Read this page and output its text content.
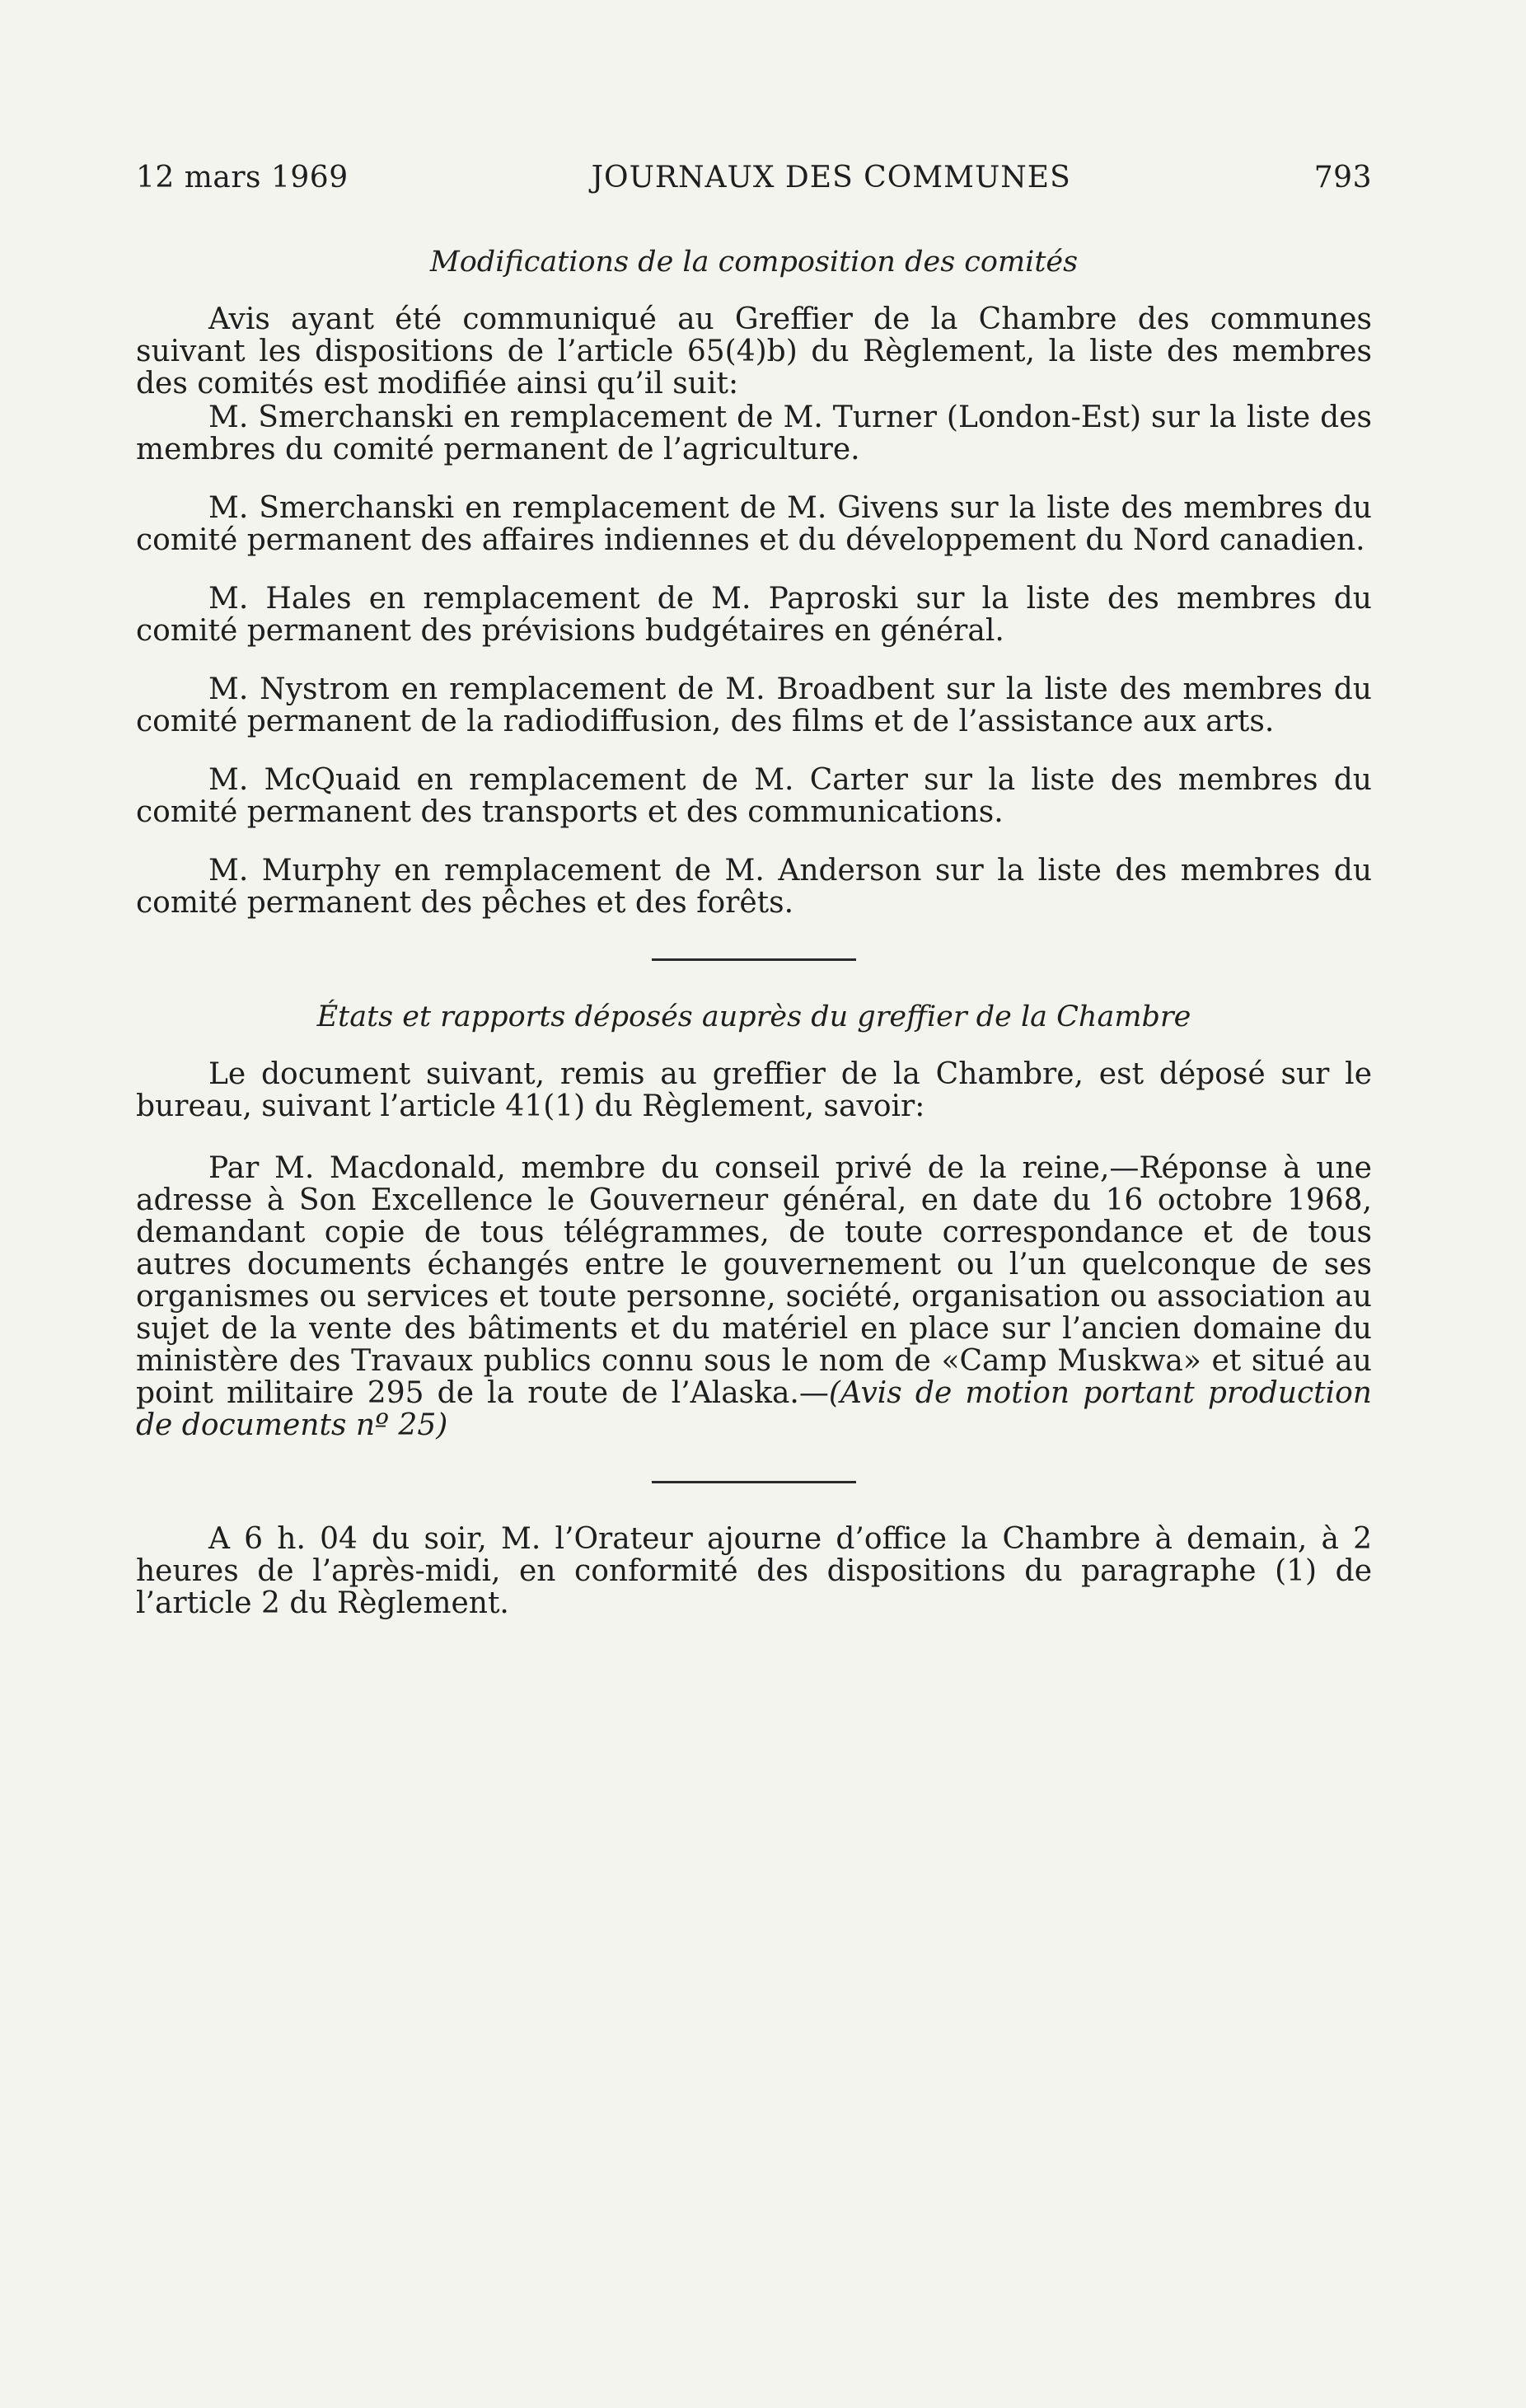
12 mars 1969	JOURNAUX DES COMMUNES	793
Modifications de la composition des comités

Avis ayant été communiqué au Greffier de la Chambre des communes suivant les dispositions de l’article 65(4)b) du Règlement, la liste des membres des comités est modifiée ainsi qu’il suit:

M. Smerchanski en remplacement de M. Turner (London-Est) sur la liste des membres du comité permanent de l’agriculture.

M. Smerchanski en remplacement de M. Givens sur la liste des membres du comité permanent des affaires indiennes et du développement du Nord canadien.

M. Hales en remplacement de M. Paproski sur la liste des membres du comité permanent des prévisions budgétaires en général.

M. Nystrom en remplacement de M. Broadbent sur la liste des membres du comité permanent de la radiodiffusion, des films et de l’assistance aux arts.

M. McQuaid en remplacement de M. Carter sur la liste des membres du comité permanent des transports et des communications.

M. Murphy en remplacement de M. Anderson sur la liste des membres du comité permanent des pêches et des forêts.

États et rapports déposés auprès du greffier de la Chambre

Le document suivant, remis au greffier de la Chambre, est déposé sur le bureau, suivant l’article 41(1) du Règlement, savoir:

Par M. Macdonald, membre du conseil privé de la reine,—Réponse à une adresse à Son Excellence le Gouverneur général, en date du 16 octobre 1968, demandant copie de tous télégrammes, de toute correspondance et de tous autres documents échangés entre le gouvernement ou l’un quelconque de ses organismes ou services et toute personne, société, organisation ou association au sujet de la vente des bâtiments et du matériel en place sur l’ancien domaine du ministère des Travaux publics connu sous le nom de «Camp Muskwa» et situé au point militaire 295 de la route de l’Alaska.—(Avis de motion portant production de documents nº 25)

A 6 h. 04 du soir, M. l’Orateur ajourne d’office la Chambre à demain, à 2 heures de l’après-midi, en conformité des dispositions du paragraphe (1) de l’article 2 du Règlement.
